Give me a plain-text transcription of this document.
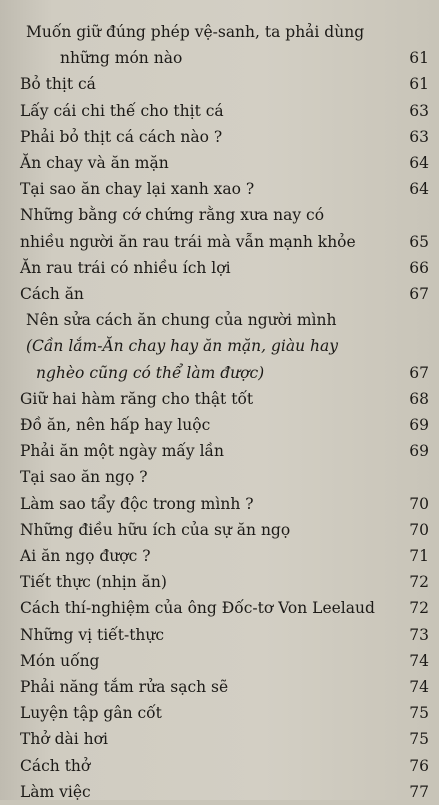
Muốn giữ đúng phép vệ-sanh, ta phải dùng
những món nào	61
Bỏ thịt cá	61
Lấy cái chi thế cho thịt cá	63
Phải bỏ thịt cá cách nào ?	63
Ăn chay và ăn mặn	64
Tại sao ăn chay lại xanh xao ?	64
Những bằng cớ chứng rằng xưa nay có
nhiều người ăn rau trái mà vẫn mạnh khỏe	65
Ăn rau trái có nhiều ích lợi	66
Cách ăn	67
Nên sửa cách ăn chung của người mình
(Cần lắm-Ăn chay hay ăn mặn, giàu hay
nghèo cũng có thể làm được)	67
Giữ hai hàm răng cho thật tốt	68
Đồ ăn, nên hấp hay luộc	69
Phải ăn một ngày mấy lần	69
Tại sao ăn ngọ ?
Làm sao tẩy độc trong mình ?	70
Những điều hữu ích của sự ăn ngọ	70
Ai ăn ngọ được ?	71
Tiết thực (nhịn ăn)	72
Cách thí-nghiệm của ông Đốc-tơ Von Leelaud 72
Những vị tiết-thực	73
Món uống	74
Phải năng tắm rửa sạch sẽ	74
Luyện tập gân cốt	75
Thở dài hơi	75
Cách thở	76
Làm việc	77
